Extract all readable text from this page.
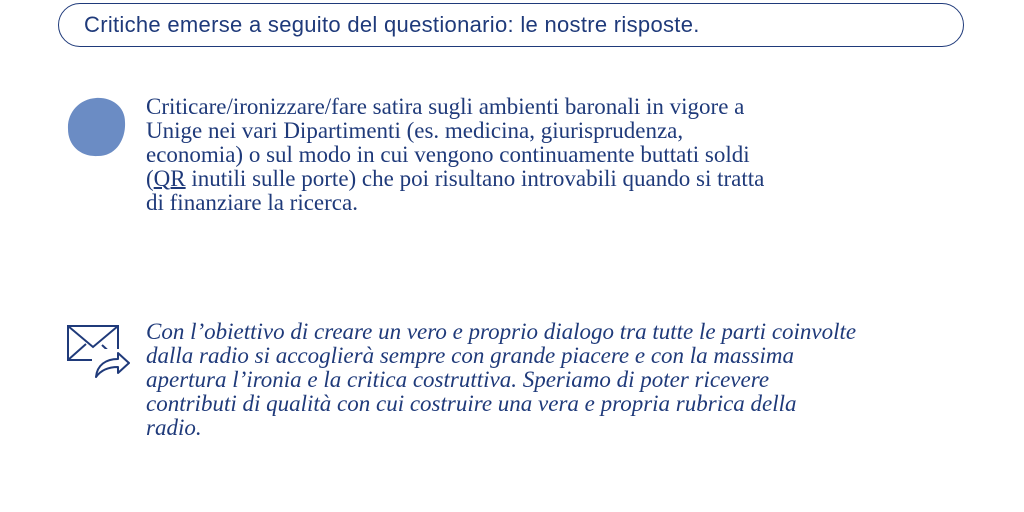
Critiche emerse a seguito del questionario: le nostre risposte.
Criticare/ironizzare/fare satira sugli ambienti baronali in vigore a
Unige nei vari Dipartimenti (es. medicina, giurisprudenza,
economia) o sul modo in cui vengono continuamente buttati soldi
(QR inutili sulle porte) che poi risultano introvabili quando si tratta
di finanziare la ricerca.
Con l’obiettivo di creare un vero e proprio dialogo tra tutte le parti coinvolte
dalla radio si accoglierà sempre con grande piacere e con la massima
apertura l’ironia e la critica costruttiva. Speriamo di poter ricevere
contributi di qualità con cui costruire una vera e propria rubrica della
radio.
